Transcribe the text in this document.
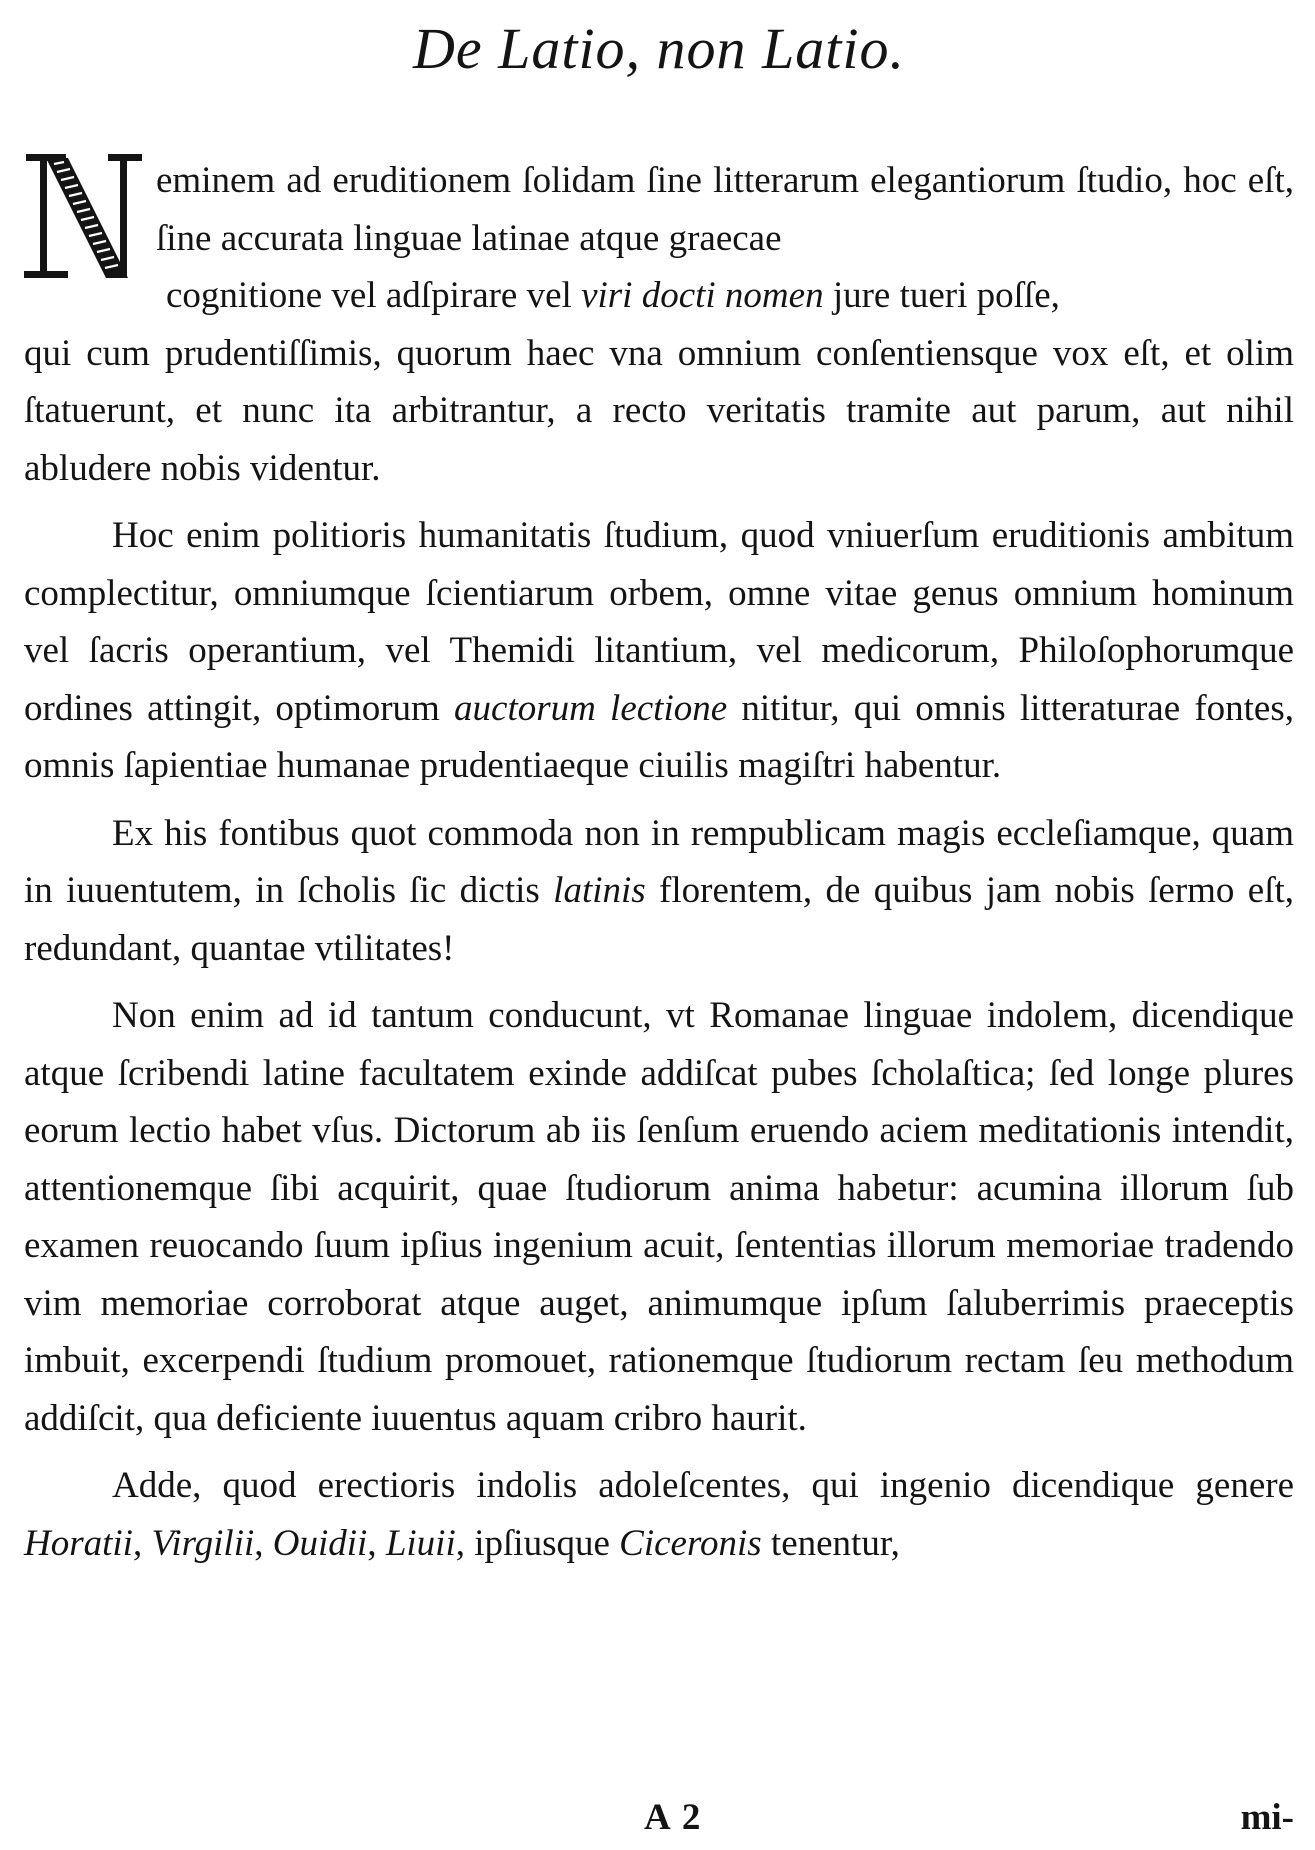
De Latio, non Latio.

eminem ad eruditionem ſolidam ſine litterarum elegantiorum ſtudio, hoc eſt, ſine accurata linguae latinae atque graecae
cognitione vel adſpirare vel viri docti nomen jure tueri poſſe,
qui cum prudentiſſimis, quorum haec vna omnium conſentiensque vox eſt, et olim ſtatuerunt, et nunc ita arbitrantur, a recto veritatis tramite aut parum, aut nihil abludere nobis videntur.

Hoc enim politioris humanitatis ſtudium, quod vniuerſum eruditionis ambitum complectitur, omniumque ſcientiarum orbem, omne vitae genus omnium hominum vel ſacris operantium, vel Themidi litantium, vel medicorum, Philoſophorumque ordines attingit, optimorum auctorum lectione nititur, qui omnis litteraturae fontes, omnis ſapientiae humanae prudentiaeque ciuilis magiſtri habentur.

Ex his fontibus quot commoda non in rempublicam magis eccleſiamque, quam in iuuentutem, in ſcholis ſic dictis latinis florentem, de quibus jam nobis ſermo eſt, redundant, quantae vtilitates!

Non enim ad id tantum conducunt, vt Romanae linguae indolem, dicendique atque ſcribendi latine facultatem exinde addiſcat pubes ſcholaſtica; ſed longe plures eorum lectio habet vſus. Dictorum ab iis ſenſum eruendo aciem meditationis intendit, attentionemque ſibi acquirit, quae ſtudiorum anima habetur: acumina illorum ſub examen reuocando ſuum ipſius ingenium acuit, ſententias illorum memoriae tradendo vim memoriae corroborat atque auget, animumque ipſum ſaluberrimis praeceptis imbuit, excerpendi ſtudium promouet, rationemque ſtudiorum rectam ſeu methodum addiſcit, qua deficiente iuuentus aquam cribro haurit.

Adde, quod erectioris indolis adoleſcentes, qui ingenio dicendique genere Horatii, Virgilii, Ouidii, Liuii, ipſiusque Ciceronis tenentur,

A 2	mi-
